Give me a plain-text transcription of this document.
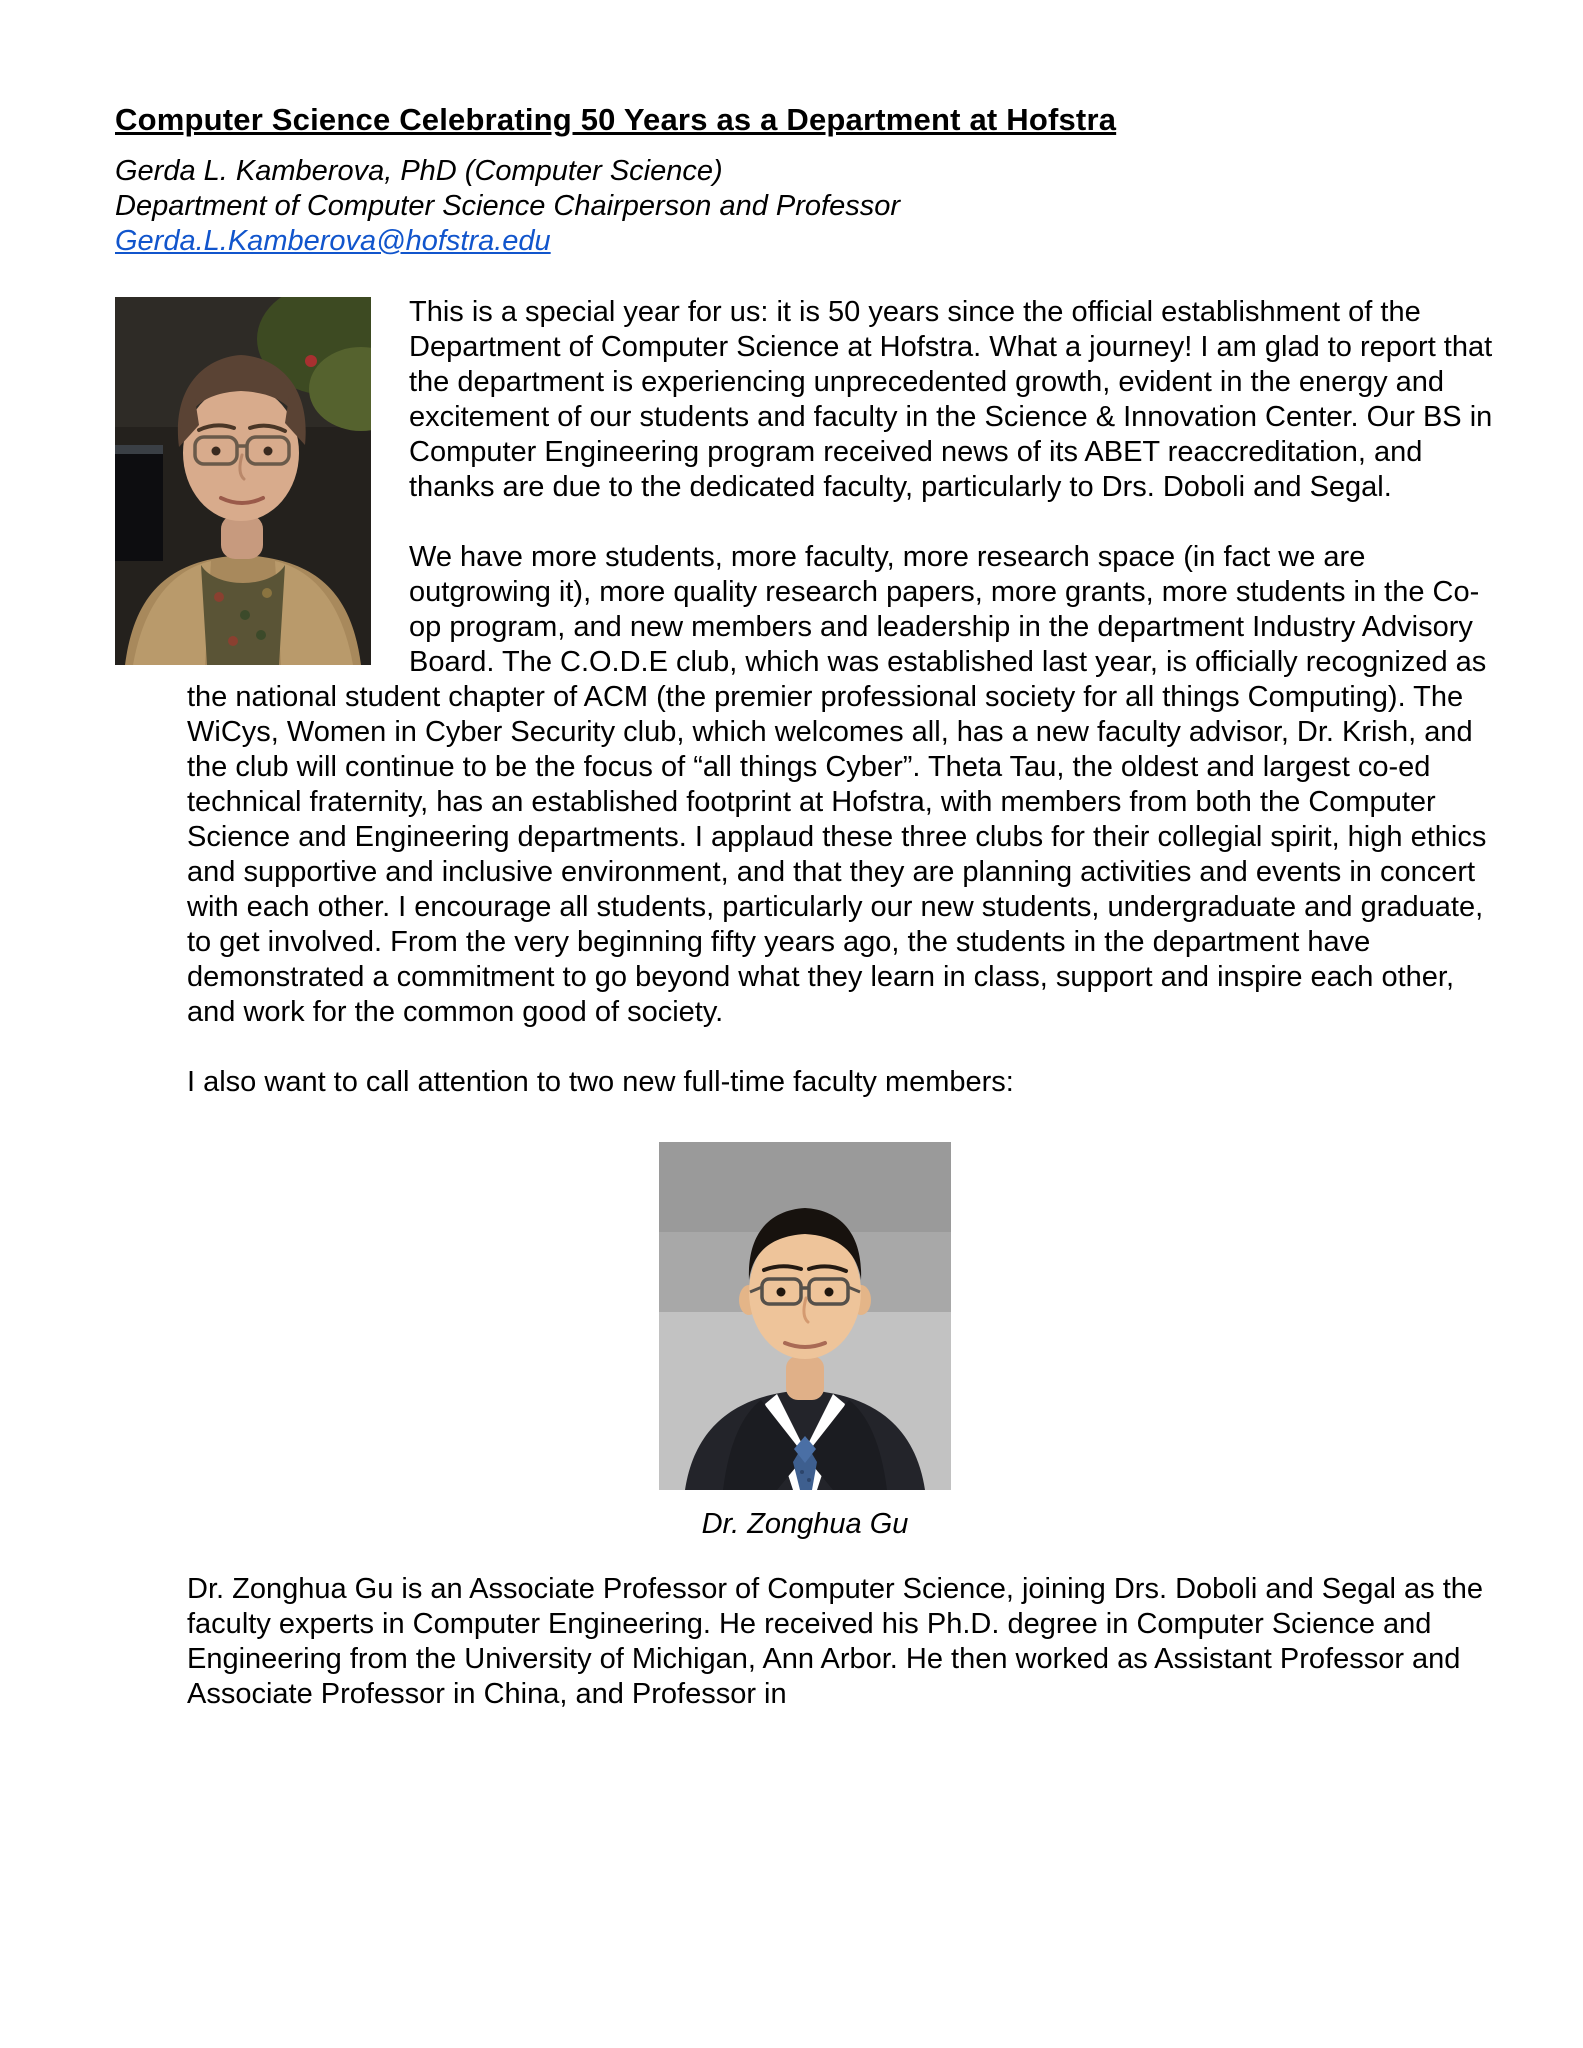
Computer Science Celebrating 50 Years as a Department at Hofstra
Gerda L. Kamberova, PhD (Computer Science)
Department of Computer Science Chairperson and Professor
Gerda.L.Kamberova@hofstra.edu

This is a special year for us: it is 50 years since the official establishment of the Department of Computer Science at Hofstra. What a journey! I am glad to report that the department is experiencing unprecedented growth, evident in the energy and excitement of our students and faculty in the Science & Innovation Center. Our BS in Computer Engineering program received news of its ABET reaccreditation, and thanks are due to the dedicated faculty, particularly to Drs. Doboli and Segal.

We have more students, more faculty, more research space (in fact we are outgrowing it), more quality research papers, more grants, more students in the Co-op program, and new members and leadership in the department Industry Advisory Board. The C.O.D.E club, which was established last year, is officially recognized as the national student chapter of ACM (the premier professional society for all things Computing). The WiCys, Women in Cyber Security club, which welcomes all, has a new faculty advisor, Dr. Krish, and the club will continue to be the focus of “all things Cyber”. Theta Tau, the oldest and largest co-ed technical fraternity, has an established footprint at Hofstra, with members from both the Computer Science and Engineering departments. I applaud these three clubs for their collegial spirit, high ethics and supportive and inclusive environment, and that they are planning activities and events in concert with each other. I encourage all students, particularly our new students, undergraduate and graduate, to get involved. From the very beginning fifty years ago, the students in the department have demonstrated a commitment to go beyond what they learn in class, support and inspire each other, and work for the common good of society.

I also want to call attention to two new full-time faculty members:

Dr. Zonghua Gu

Dr. Zonghua Gu is an Associate Professor of Computer Science, joining Drs. Doboli and Segal as the faculty experts in Computer Engineering. He received his Ph.D. degree in Computer Science and Engineering from the University of Michigan, Ann Arbor. He then worked as Assistant Professor and Associate Professor in China, and Professor in
